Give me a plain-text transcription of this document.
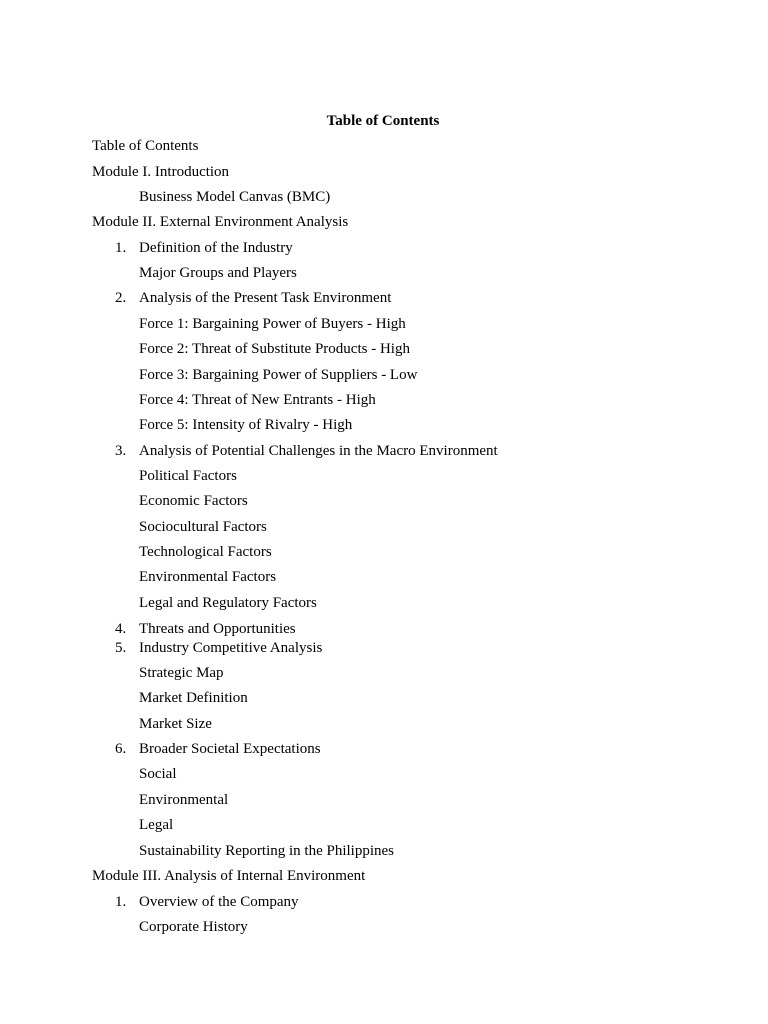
Table of Contents

Table of Contents

Module I. Introduction

Business Model Canvas (BMC)

Module II. External Environment Analysis

1. Definition of the Industry

Major Groups and Players

2. Analysis of the Present Task Environment

Force 1: Bargaining Power of Buyers - High

Force 2: Threat of Substitute Products - High

Force 3: Bargaining Power of Suppliers - Low

Force 4: Threat of New Entrants - High

Force 5: Intensity of Rivalry - High

3. Analysis of Potential Challenges in the Macro Environment

Political Factors

Economic Factors

Sociocultural Factors

Technological Factors

Environmental Factors

Legal and Regulatory Factors

4. Threats and Opportunities

5. Industry Competitive Analysis

Strategic Map

Market Definition

Market Size

6. Broader Societal Expectations

Social

Environmental

Legal

Sustainability Reporting in the Philippines

Module III. Analysis of Internal Environment

1. Overview of the Company

Corporate History
